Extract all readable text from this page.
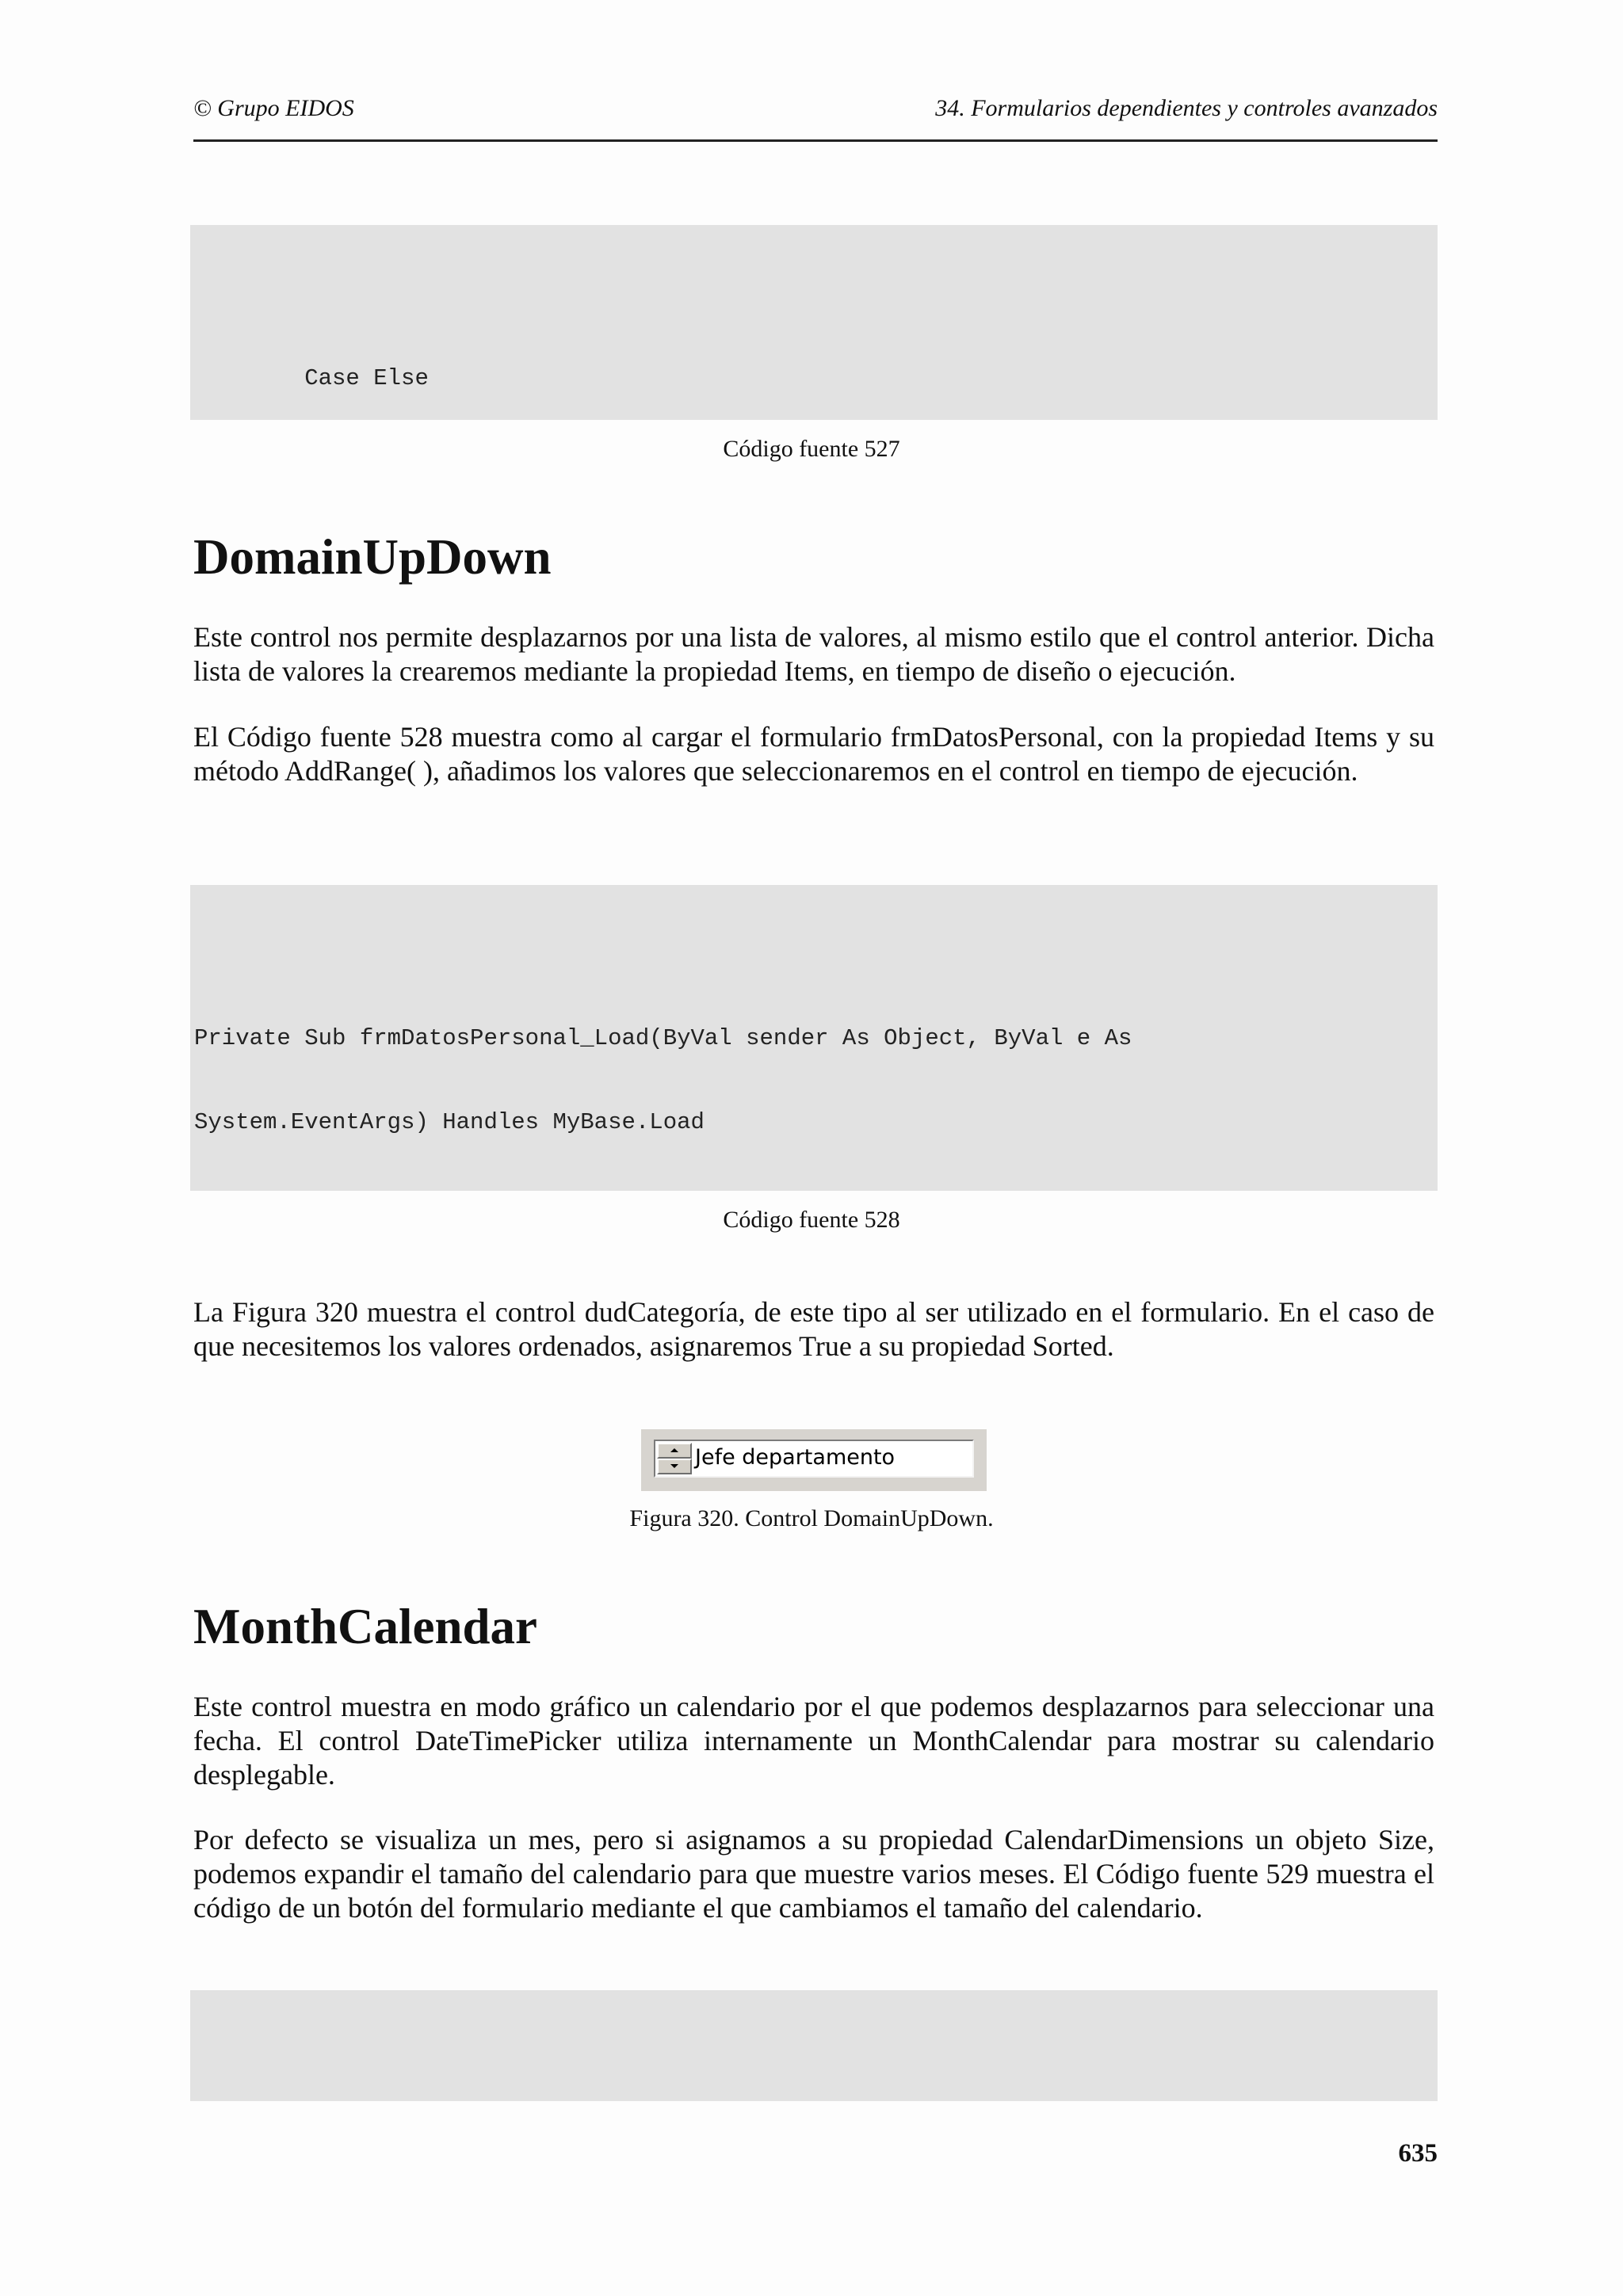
© Grupo EIDOS	34. Formularios dependientes y controles avanzados

Case Else

Código fuente 527
DomainUpDown

Este control nos permite desplazarnos por una lista de valores, al mismo estilo que el control anterior. Dicha lista de valores la crearemos mediante la propiedad Items, en tiempo de diseño o ejecución.

El Código fuente 528 muestra como al cargar el formulario frmDatosPersonal, con la propiedad Items y su método AddRange( ), añadimos los valores que seleccionaremos en el control en tiempo de ejecución.

Private Sub frmDatosPersonal_Load(ByVal sender As Object, ByVal e As

System.EventArgs) Handles MyBase.Load

Código fuente 528

La Figura 320 muestra el control dudCategoría, de este tipo al ser utilizado en el formulario. En el caso de que necesitemos los valores ordenados, asignaremos True a su propiedad Sorted.

Jefe departamento
Figura 320. Control DomainUpDown.
MonthCalendar

Este control muestra en modo gráfico un calendario por el que podemos desplazarnos para seleccionar una fecha. El control DateTimePicker utiliza internamente un MonthCalendar para mostrar su calendario desplegable.

Por defecto se visualiza un mes, pero si asignamos a su propiedad CalendarDimensions un objeto Size, podemos expandir el tamaño del calendario para que muestre varios meses. El Código fuente 529 muestra el código de un botón del formulario mediante el que cambiamos el tamaño del calendario.

635
